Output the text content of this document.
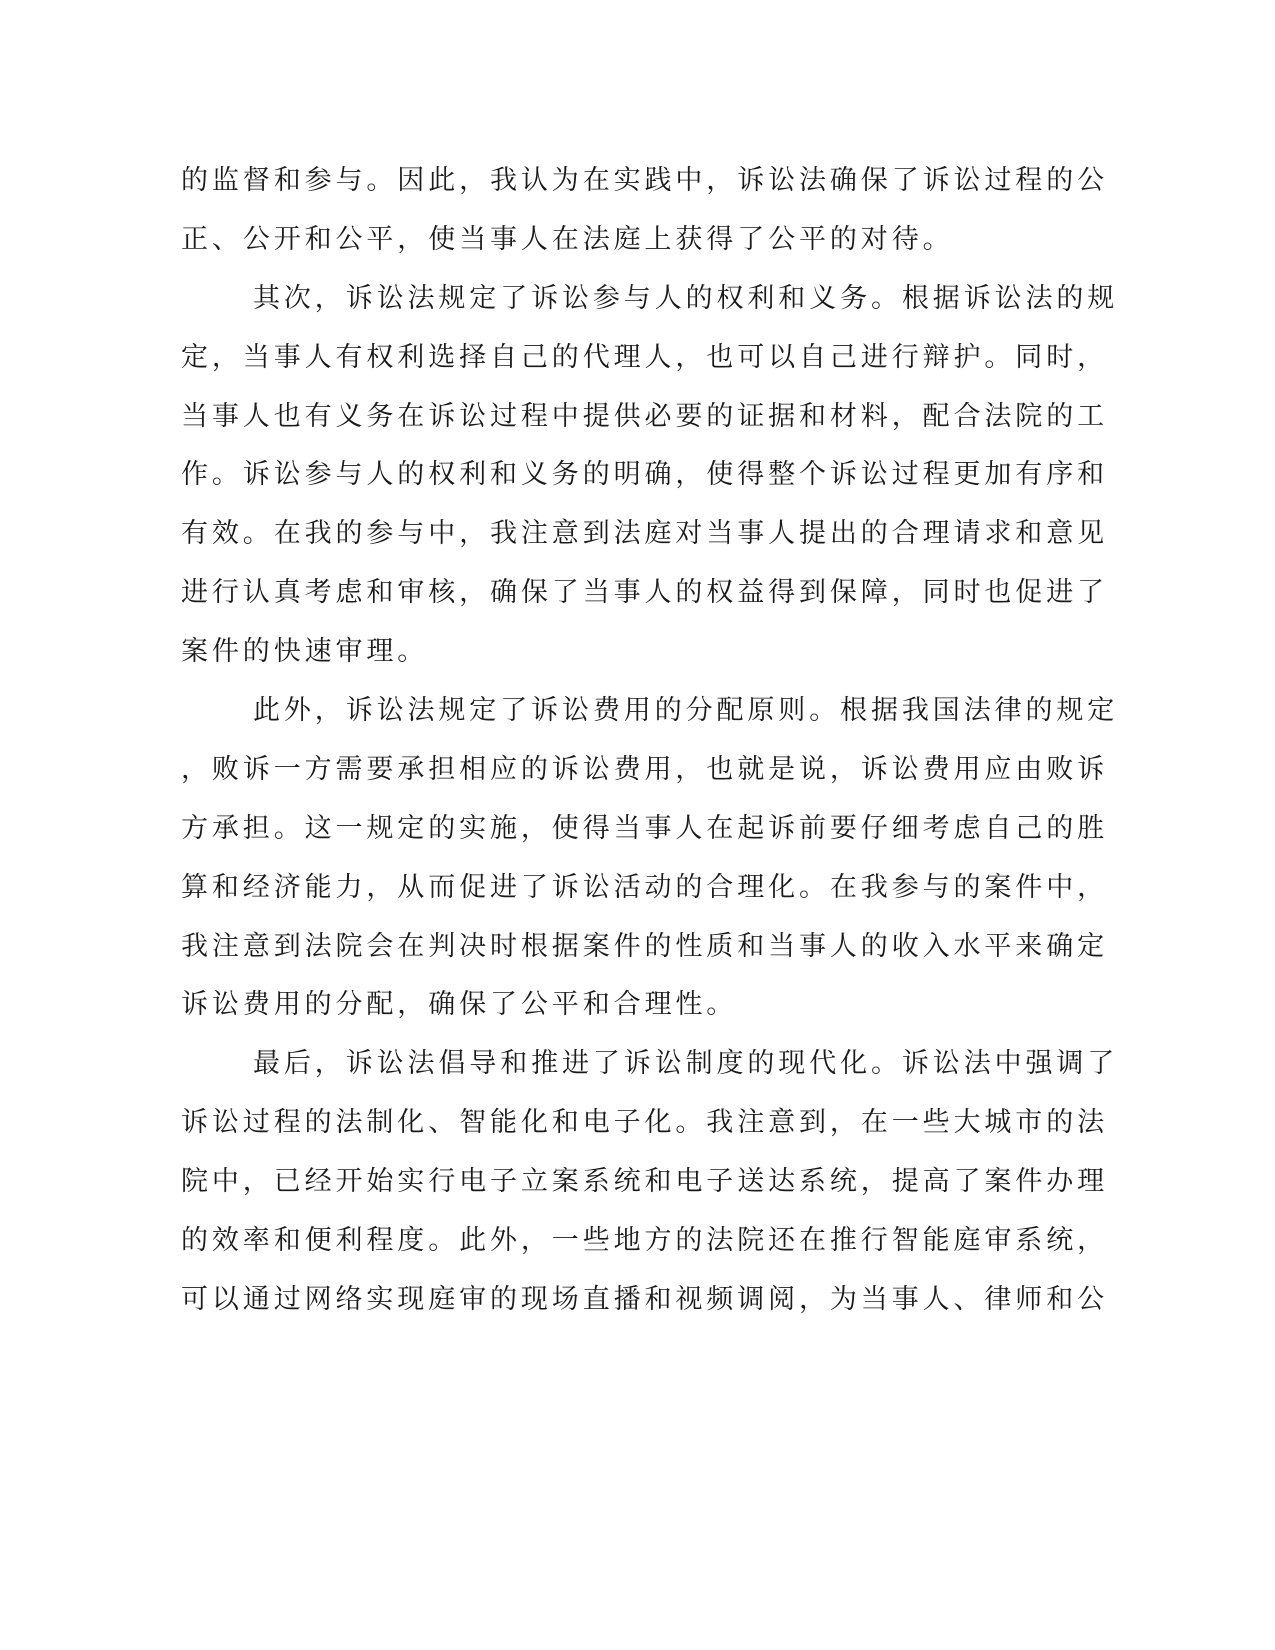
的监督和参与。因此，我认为在实践中，诉讼法确保了诉讼过程的公
正、公开和公平，使当事人在法庭上获得了公平的对待。
其次，诉讼法规定了诉讼参与人的权利和义务。根据诉讼法的规
定，当事人有权利选择自己的代理人，也可以自己进行辩护。同时，
当事人也有义务在诉讼过程中提供必要的证据和材料，配合法院的工
作。诉讼参与人的权利和义务的明确，使得整个诉讼过程更加有序和
有效。在我的参与中，我注意到法庭对当事人提出的合理请求和意见
进行认真考虑和审核，确保了当事人的权益得到保障，同时也促进了
案件的快速审理。
此外，诉讼法规定了诉讼费用的分配原则。根据我国法律的规定
，败诉一方需要承担相应的诉讼费用，也就是说，诉讼费用应由败诉
方承担。这一规定的实施，使得当事人在起诉前要仔细考虑自己的胜
算和经济能力，从而促进了诉讼活动的合理化。在我参与的案件中，
我注意到法院会在判决时根据案件的性质和当事人的收入水平来确定
诉讼费用的分配，确保了公平和合理性。
最后，诉讼法倡导和推进了诉讼制度的现代化。诉讼法中强调了
诉讼过程的法制化、智能化和电子化。我注意到，在一些大城市的法
院中，已经开始实行电子立案系统和电子送达系统，提高了案件办理
的效率和便利程度。此外，一些地方的法院还在推行智能庭审系统，
可以通过网络实现庭审的现场直播和视频调阅，为当事人、律师和公
